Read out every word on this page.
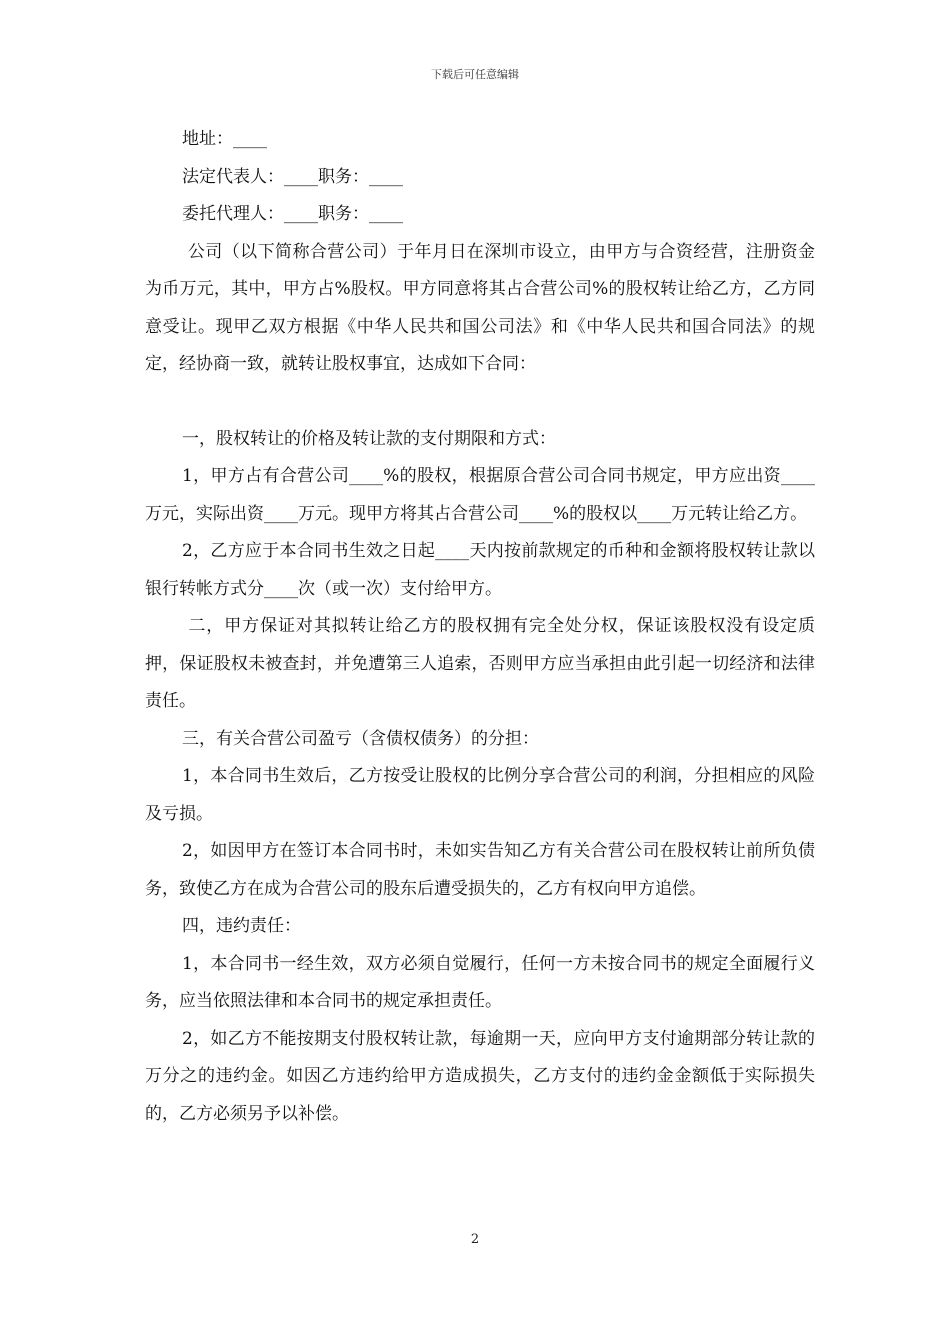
下载后可任意编辑

地址：____

法定代表人：____职务：____

委托代理人：____职务：____

公司（以下简称合营公司）于年月日在深圳市设立，由甲方与合资经营，注册资金为币万元，其中，甲方占%股权。甲方同意将其占合营公司%的股权转让给乙方，乙方同意受让。现甲乙双方根据《中华人民共和国公司法》和《中华人民共和国合同法》的规定，经协商一致，就转让股权事宜，达成如下合同：

一，股权转让的价格及转让款的支付期限和方式：

1，甲方占有合营公司____%的股权，根据原合营公司合同书规定，甲方应出资____万元，实际出资____万元。现甲方将其占合营公司____%的股权以____万元转让给乙方。

2，乙方应于本合同书生效之日起____天内按前款规定的币种和金额将股权转让款以银行转帐方式分____次（或一次）支付给甲方。

二，甲方保证对其拟转让给乙方的股权拥有完全处分权，保证该股权没有设定质押，保证股权未被查封，并免遭第三人追索，否则甲方应当承担由此引起一切经济和法律责任。

三，有关合营公司盈亏（含债权债务）的分担：

1，本合同书生效后，乙方按受让股权的比例分享合营公司的利润，分担相应的风险及亏损。

2，如因甲方在签订本合同书时，未如实告知乙方有关合营公司在股权转让前所负债务，致使乙方在成为合营公司的股东后遭受损失的，乙方有权向甲方追偿。

四，违约责任：

1，本合同书一经生效，双方必须自觉履行，任何一方未按合同书的规定全面履行义务，应当依照法律和本合同书的规定承担责任。

2，如乙方不能按期支付股权转让款，每逾期一天，应向甲方支付逾期部分转让款的万分之的违约金。如因乙方违约给甲方造成损失，乙方支付的违约金金额低于实际损失的，乙方必须另予以补偿。

2
